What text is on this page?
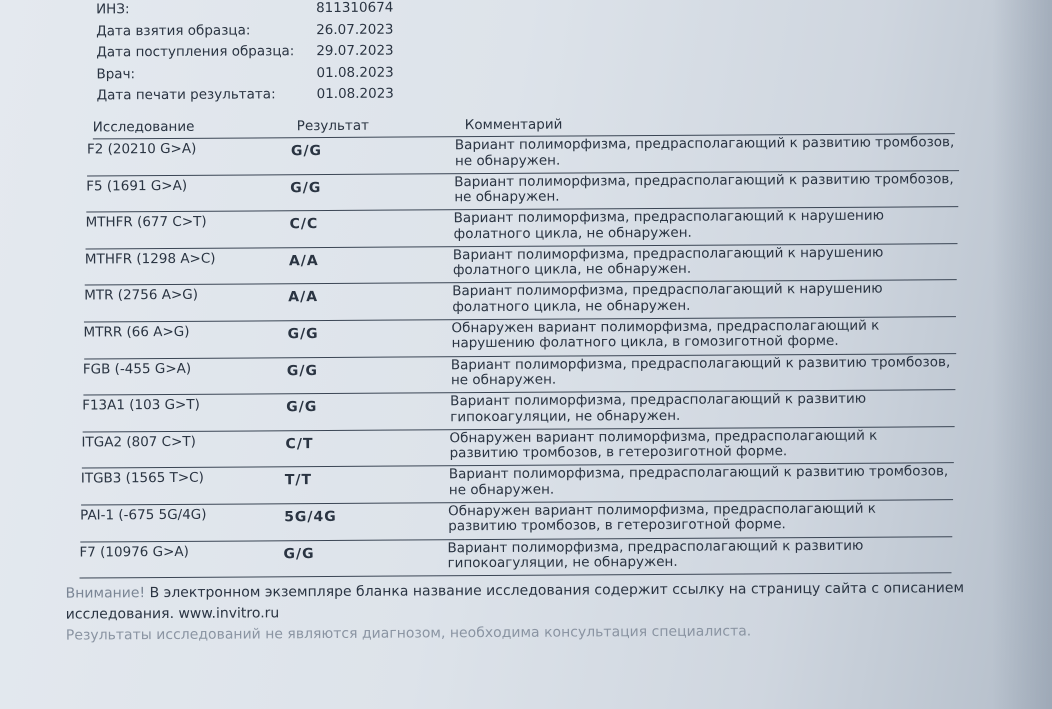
ИНЗ:	811310674
Дата взятия образца:	26.07.2023
Дата поступления образца:	29.07.2023
Врач:	01.08.2023
Дата печати результата:	01.08.2023
Исследование	Результат	Комментарий
F2 (20210 G>A)	G/G	Вариант полиморфизма, предрасполагающий к развитию тромбозов, не обнаружен.
F5 (1691 G>A)	G/G	Вариант полиморфизма, предрасполагающий к развитию тромбозов, не обнаружен.
MTHFR (677 C>T)	C/C	Вариант полиморфизма, предрасполагающий к нарушению фолатного цикла, не обнаружен.
MTHFR (1298 A>C)	A/A	Вариант полиморфизма, предрасполагающий к нарушению фолатного цикла, не обнаружен.
MTR (2756 A>G)	A/A	Вариант полиморфизма, предрасполагающий к нарушению фолатного цикла, не обнаружен.
MTRR (66 A>G)	G/G	Обнаружен вариант полиморфизма, предрасполагающий к нарушению фолатного цикла, в гомозиготной форме.
FGB (-455 G>A)	G/G	Вариант полиморфизма, предрасполагающий к развитию тромбозов, не обнаружен.
F13A1 (103 G>T)	G/G	Вариант полиморфизма, предрасполагающий к развитию гипокоагуляции, не обнаружен.
ITGA2 (807 C>T)	C/T	Обнаружен вариант полиморфизма, предрасполагающий к развитию тромбозов, в гетерозиготной форме.
ITGB3 (1565 T>C)	T/T	Вариант полиморфизма, предрасполагающий к развитию тромбозов, не обнаружен.
PAI-1 (-675 5G/4G)	5G/4G	Обнаружен вариант полиморфизма, предрасполагающий к развитию тромбозов, в гетерозиготной форме.
F7 (10976 G>A)	G/G	Вариант полиморфизма, предрасполагающий к развитию гипокоагуляции, не обнаружен.
Внимание! В электронном экземпляре бланка название исследования содержит ссылку на страницу сайта с описанием исследования. www.invitro.ru
Результаты исследований не являются диагнозом, необходима консультация специалиста.
